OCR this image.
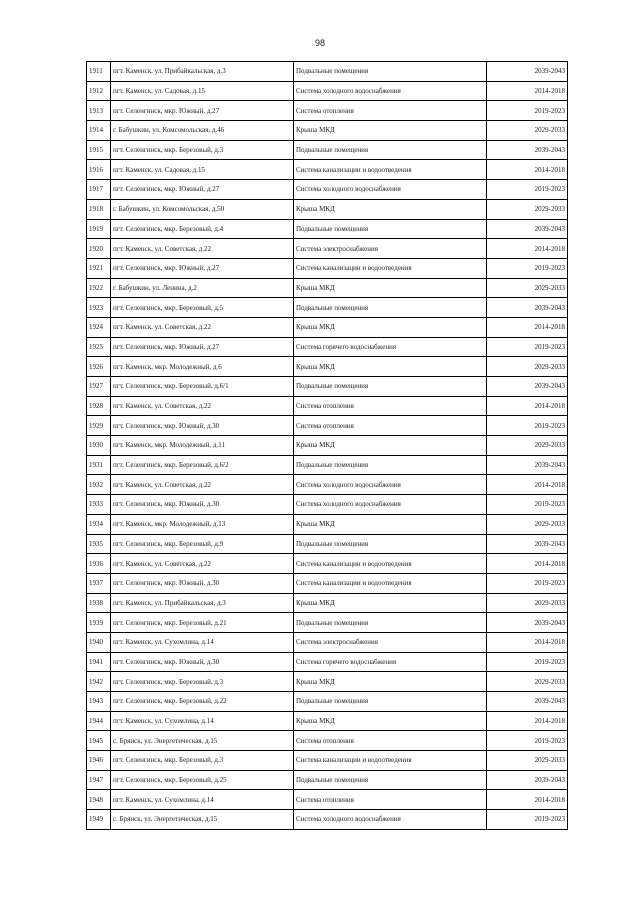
98
1911	пгт. Каменск, ул. Прибайкальская, д.3	Подвальные помещения	2039-2043
1912	пгт. Каменск, ул. Садовая, д.15	Система холодного водоснабжения	2014-2018
1913	пгт. Селенгинск, мкр. Южный, д.27	Система отопления	2019-2023
1914	г. Бабушкин, ул. Комсомольская, д.46	Крыша МКД	2029-2033
1915	пгт. Селенгинск, мкр. Березовый, д.3	Подвальные помещения	2039-2043
1916	пгт. Каменск, ул. Садовая, д.15	Система канализации и водоотведения	2014-2018
1917	пгт. Селенгинск, мкр. Южный, д.27	Система холодного водоснабжения	2019-2023
1918	г. Бабушкин, ул. Комсомольская, д.50	Крыша МКД	2029-2033
1919	пгт. Селенгинск, мкр. Березовый, д.4	Подвальные помещения	2039-2043
1920	пгт. Каменск, ул. Советская, д.22	Система электроснабжения	2014-2018
1921	пгт. Селенгинск, мкр. Южный, д.27	Система канализации и водоотведения	2019-2023
1922	г. Бабушкин, ул. Ленина, д.2	Крыша МКД	2029-2033
1923	пгт. Селенгинск, мкр. Березовый, д.5	Подвальные помещения	2039-2043
1924	пгт. Каменск, ул. Советская, д.22	Крыша МКД	2014-2018
1925	пгт. Селенгинск, мкр. Южный, д.27	Система горячего водоснабжения	2019-2023
1926	пгт. Каменск, мкр. Молодежный, д.6	Крыша МКД	2029-2033
1927	пгт. Селенгинск, мкр. Березовый, д.6/1	Подвальные помещения	2039-2043
1928	пгт. Каменск, ул. Советская, д.22	Система отопления	2014-2018
1929	пгт. Селенгинск, мкр. Южный, д.30	Система отопления	2019-2023
1930	пгт. Каменск, мкр. Молодежный, д.11	Крыша МКД	2029-2033
1931	пгт. Селенгинск, мкр. Березовый, д.6/2	Подвальные помещения	2039-2043
1932	пгт. Каменск, ул. Советская, д.22	Система холодного водоснабжения	2014-2018
1933	пгт. Селенгинск, мкр. Южный, д.30	Система холодного водоснабжения	2019-2023
1934	пгт. Каменск, мкр. Молодежный, д.13	Крыша МКД	2029-2033
1935	пгт. Селенгинск, мкр. Березовый, д.9	Подвальные помещения	2039-2043
1936	пгт. Каменск, ул. Советская, д.22	Система канализации и водоотведения	2014-2018
1937	пгт. Селенгинск, мкр. Южный, д.30	Система канализации и водоотведения	2019-2023
1938	пгт. Каменск, ул. Прибайкальская, д.3	Крыша МКД	2029-2033
1939	пгт. Селенгинск, мкр. Березовый, д.21	Подвальные помещения	2039-2043
1940	пгт. Каменск, ул. Сухомлина, д.14	Система электроснабжения	2014-2018
1941	пгт. Селенгинск, мкр. Южный, д.30	Система горячего водоснабжения	2019-2023
1942	пгт. Селенгинск, мкр. Березовый, д.3	Крыша МКД	2029-2033
1943	пгт. Селенгинск, мкр. Березовый, д.22	Подвальные помещения	2039-2043
1944	пгт. Каменск, ул. Сухомлина, д.14	Крыша МКД	2014-2018
1945	с. Брянск, ул. Энергетическая, д.15	Система отопления	2019-2023
1946	пгт. Селенгинск, мкр. Березовый, д.3	Система канализации и водоотведения	2029-2033
1947	пгт. Селенгинск, мкр. Березовый, д.25	Подвальные помещения	2039-2043
1948	пгт. Каменск, ул. Сухомлина, д.14	Система отопления	2014-2018
1949	с. Брянск, ул. Энергетическая, д.15	Система холодного водоснабжения	2019-2023
